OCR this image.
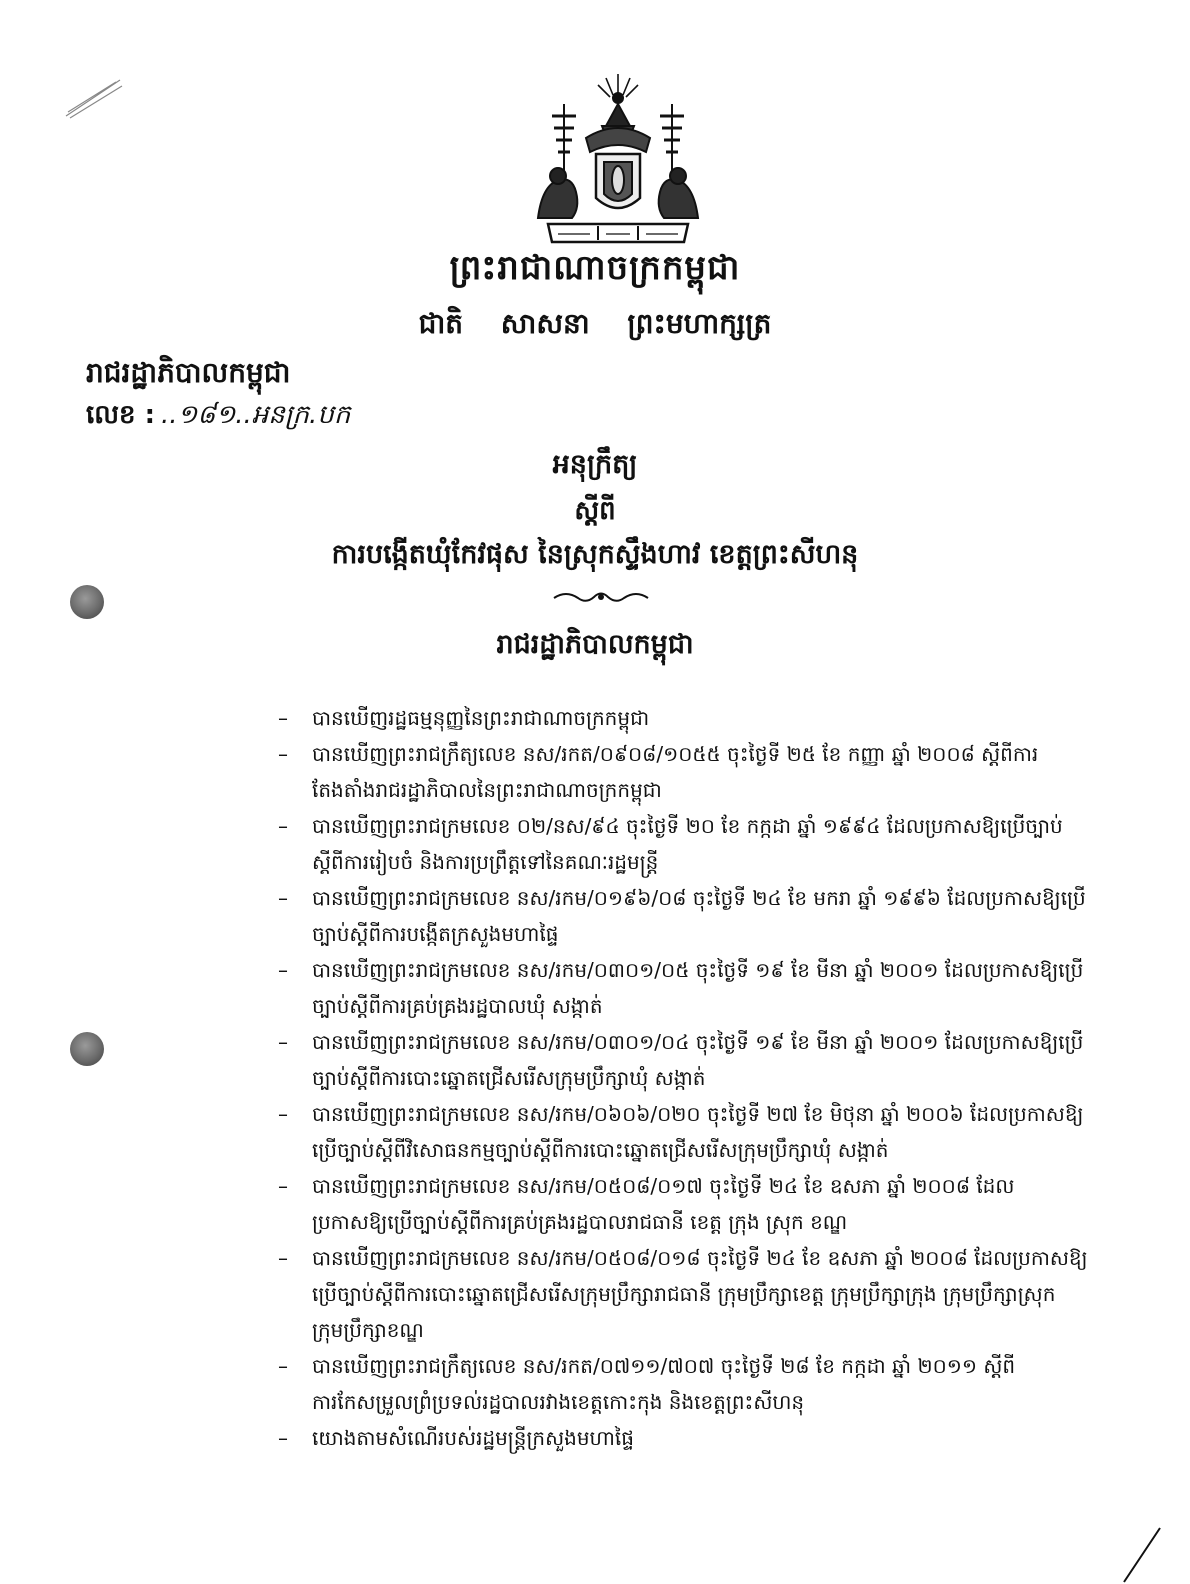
ព្រះរាជាណាចក្រកម្ពុជា
ជាតិ សាសនា ព្រះមហាក្សត្រ
រាជរដ្ឋាភិបាលកម្ពុជា
លេខ : ..១៨១..អនក្រ.បក
អនុក្រឹត្យ
ស្តីពី
ការបង្កើតឃុំកែវផុស នៃស្រុកស្ទឹងហាវ ខេត្តព្រះសីហនុ
រាជរដ្ឋាភិបាលកម្ពុជា
–	បានឃើញរដ្ឋធម្មនុញ្ញនៃព្រះរាជាណាចក្រកម្ពុជា
–	បានឃើញព្រះរាជក្រឹត្យលេខ នស/រកត/០៩០៨/១០៥៥ ចុះថ្ងៃទី ២៥ ខែ កញ្ញា ឆ្នាំ ២០០៨ ស្តីពីការតែងតាំងរាជរដ្ឋាភិបាលនៃព្រះរាជាណាចក្រកម្ពុជា
–	បានឃើញព្រះរាជក្រមលេខ ០២/នស/៩៤ ចុះថ្ងៃទី ២០ ខែ កក្កដា ឆ្នាំ ១៩៩៤ ដែលប្រកាសឱ្យប្រើច្បាប់ស្តីពីការរៀបចំ និងការប្រព្រឹត្តទៅនៃគណៈរដ្ឋមន្ត្រី
–	បានឃើញព្រះរាជក្រមលេខ នស/រកម/០១៩៦/០៨ ចុះថ្ងៃទី ២៤ ខែ មករា ឆ្នាំ ១៩៩៦ ដែលប្រកាសឱ្យប្រើច្បាប់ស្តីពីការបង្កើតក្រសួងមហាផ្ទៃ
–	បានឃើញព្រះរាជក្រមលេខ នស/រកម/០៣០១/០៥ ចុះថ្ងៃទី ១៩ ខែ មីនា ឆ្នាំ ២០០១ ដែលប្រកាសឱ្យប្រើច្បាប់ស្តីពីការគ្រប់គ្រងរដ្ឋបាលឃុំ សង្កាត់
–	បានឃើញព្រះរាជក្រមលេខ នស/រកម/០៣០១/០៤ ចុះថ្ងៃទី ១៩ ខែ មីនា ឆ្នាំ ២០០១ ដែលប្រកាសឱ្យប្រើច្បាប់ស្តីពីការបោះឆ្នោតជ្រើសរើសក្រុមប្រឹក្សាឃុំ សង្កាត់
–	បានឃើញព្រះរាជក្រមលេខ នស/រកម/០៦០៦/០២០ ចុះថ្ងៃទី ២៧ ខែ មិថុនា ឆ្នាំ ២០០៦ ដែលប្រកាសឱ្យប្រើច្បាប់ស្តីពីវិសោធនកម្មច្បាប់ស្តីពីការបោះឆ្នោតជ្រើសរើសក្រុមប្រឹក្សាឃុំ សង្កាត់
–	បានឃើញព្រះរាជក្រមលេខ នស/រកម/០៥០៨/០១៧ ចុះថ្ងៃទី ២៤ ខែ ឧសភា ឆ្នាំ ២០០៨ ដែលប្រកាសឱ្យប្រើច្បាប់ស្តីពីការគ្រប់គ្រងរដ្ឋបាលរាជធានី ខេត្ត ក្រុង ស្រុក ខណ្ឌ
–	បានឃើញព្រះរាជក្រមលេខ នស/រកម/០៥០៨/០១៨ ចុះថ្ងៃទី ២៤ ខែ ឧសភា ឆ្នាំ ២០០៨ ដែលប្រកាសឱ្យប្រើច្បាប់ស្តីពីការបោះឆ្នោតជ្រើសរើសក្រុមប្រឹក្សារាជធានី ក្រុមប្រឹក្សាខេត្ត ក្រុមប្រឹក្សាក្រុង ក្រុមប្រឹក្សាស្រុក ក្រុមប្រឹក្សាខណ្ឌ
–	បានឃើញព្រះរាជក្រឹត្យលេខ នស/រកត/០៧១១/៧០៧ ចុះថ្ងៃទី ២៨ ខែ កក្កដា ឆ្នាំ ២០១១ ស្តីពីការកែសម្រួលព្រំប្រទល់រដ្ឋបាលរវាងខេត្តកោះកុង និងខេត្តព្រះសីហនុ
–	យោងតាមសំណើរបស់រដ្ឋមន្ត្រីក្រសួងមហាផ្ទៃ
